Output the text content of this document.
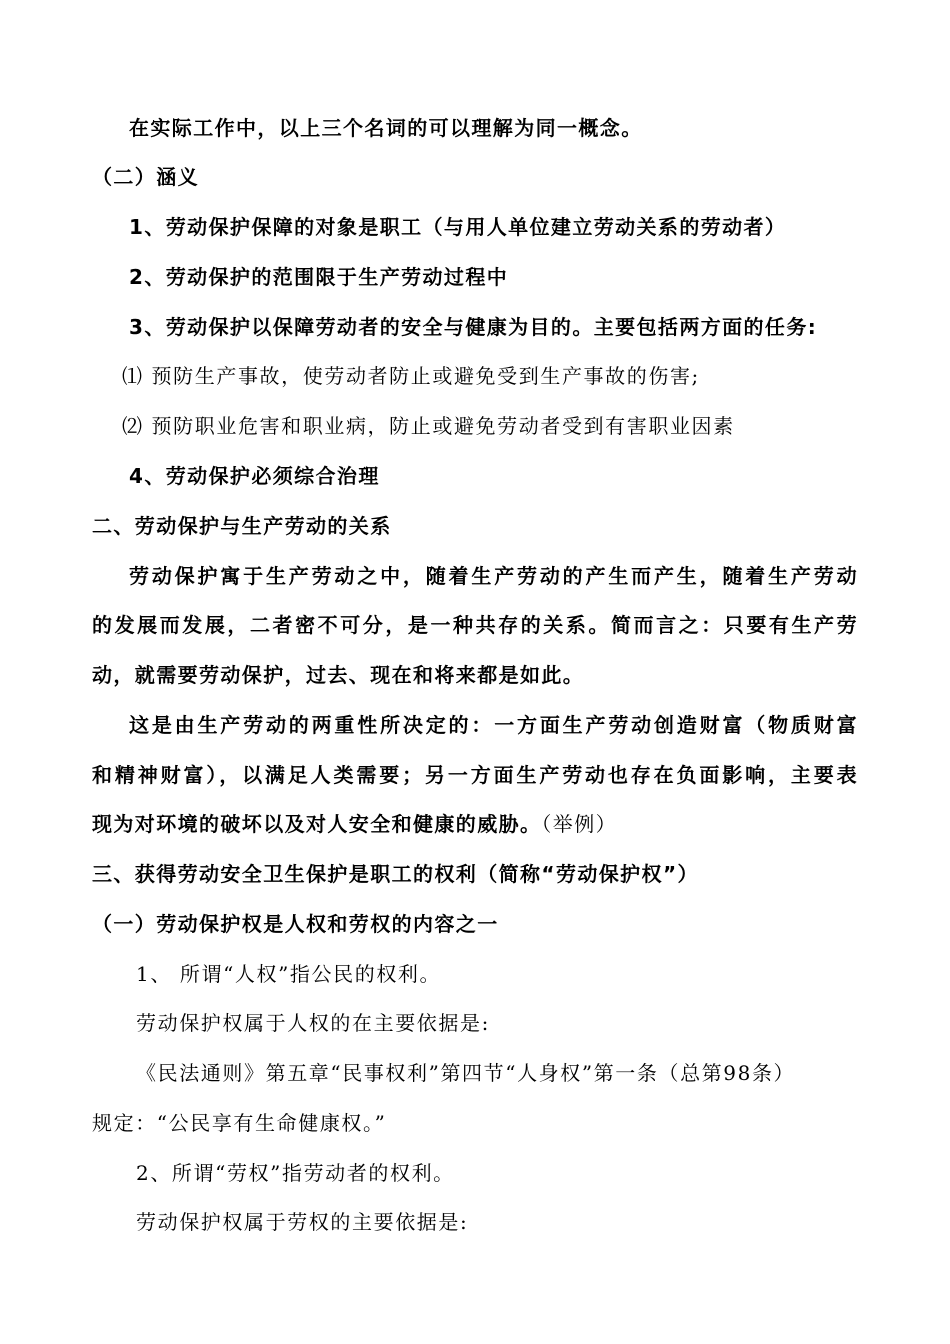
在实际工作中，以上三个名词的可以理解为同一概念。
（二）涵义
1、劳动保护保障的对象是职工（与用人单位建立劳动关系的劳动者）
2、劳动保护的范围限于生产劳动过程中
3、劳动保护以保障劳动者的安全与健康为目的。主要包括两方面的任务:
⑴ 预防生产事故，使劳动者防止或避免受到生产事故的伤害;
⑵ 预防职业危害和职业病，防止或避免劳动者受到有害职业因素
4、劳动保护必须综合治理
二、劳动保护与生产劳动的关系
劳动保护寓于生产劳动之中，随着生产劳动的产生而产生，随着生产劳动
的发展而发展，二者密不可分，是一种共存的关系。简而言之：只要有生产劳
动，就需要劳动保护，过去、现在和将来都是如此。
这是由生产劳动的两重性所决定的：一方面生产劳动创造财富（物质财富
和精神财富），以满足人类需要；另一方面生产劳动也存在负面影响，主要表
现为对环境的破坏以及对人安全和健康的威胁。（举例）
三、获得劳动安全卫生保护是职工的权利（简称“劳动保护权”）
（一）劳动保护权是人权和劳权的内容之一
1、 所谓“人权”指公民的权利。
劳动保护权属于人权的在主要依据是:
《民法通则》第五章“民事权利”第四节“人身权”第一条（总第98条）
规定：“公民享有生命健康权。”
2、所谓“劳权”指劳动者的权利。
劳动保护权属于劳权的主要依据是:
